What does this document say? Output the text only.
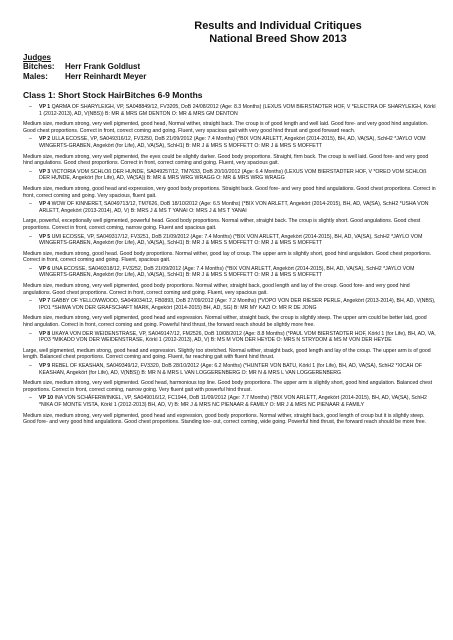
Results and Individual Critiques
National Breed Show 2013
Judges
Bitches:	Herr Frank Goldlust
Males:	Herr Reinhardt Meyer
Class 1: Short Stock HairBitches 6-9 Months
– VP 1 QARMA OF SHARYLEIGH, VP, SA048849/12, FV3205, DoB 24/08/2012 (Age: 8.3 Months) (LEXUS VOM BIERSTADTER HOF, V *ELECTRA OF SHARYLEIGH, Körkl 1 (2012-2013), AD, V(NBS)) B: MR & MRS GM DENTON O: MR & MRS GM DENTON
Medium size, medium strong, very well pigmented, good head, Normal wither, straight back. The croup is of good length and well laid. Good fore- and very good hind angulation. Good chest proportions. Correct in front, correct coming and going. Fluent, very spacious gait with very good hind thrust and good forward reach.
– VP 2 ULLA ECOSSE, VP, SA049316/12, FV3250, DoB 21/09/2012 (Age: 7.4 Months) (*BIX VON ARLETT, Angekört (2014-2015), BH, AD, VA(SA), SchH2 *JAYLO VOM WINGERTS-GRABEN, Angekört (for Life), AD, VA(SA), SchH1) B: MR J & MRS S MOFFETT O: MR J & MRS S MOFFETT
Medium size, medium strong, very well pigmented, the eyes could be slightly darker. Good body proportions. Straight, firm back. The croup is well laid. Good fore- and very good hind angulations. Good chest proportions. Correct in front, correct coming and going. Fluent, very spacious gait.
– VP 3 VICTORIA VOM SCHLOß DER HUNDE, SA049257/12, TM7633, DoB 20/10/2012 (Age: 6.4 Months) (LEXUS VOM BIERSTADTER HOF, V *OREO VOM SCHLOß DER HUNDE, Angekört (for Life), AD, VA(SA)) B: MR & MRS WRG WRAGG O: MR & MRS WRG WRAGG
Medium size, medium strong, good head and expression, very good body proportions. Straight back. Good fore- and very good hind angulations. Good chest proportions. Correct in front, correct coming and going. Very spacious, fluent gait.
– VP 4 WOW OF KINNERET, SA049713/12, TM7626, DoB 18/10/2012 (Age: 6.5 Months) (*BIX VON ARLETT, Angekört (2014-2015), BH, AD, VA(SA), SchH2 *USHA VON ARLETT, Angekört (2013-2014), AD, V) B: MRS J & MS T YANAI O: MRS J & MS T YANAI
Large, powerful, exceptionally well pigmented, powerful head. Good body proportions. Normal wither, straight back. The croup is slightly short. Good angulations. Good chest proportions. Correct in front, correct coming, narrow going. Fluent and spacious gait.
– VP 5 UMI ECOSSE, VP, SA049317/12, FV3251, DoB 21/09/2012 (Age: 7.4 Months) (*BIX VON ARLETT, Angekört (2014-2015), BH, AD, VA(SA), SchH2 *JAYLO VOM WINGERTS-GRABEN, Angekört (for Life), AD, VA(SA), SchH1) B: MR J & MRS S MOFFETT O: MR J & MRS S MOFFETT
Medium size, medium strong, good head. Good body proportions. Normal wither, good lay of croup. The upper arm is slightly short, good hind angulation. Good chest proportions. Correct in front, correct coming and going. Fluent, spacious gait.
– VP 6 UNA ECOSSE, SA049318/12, FV3252, DoB 21/09/2012 (Age: 7.4 Months) (*BIX VON ARLETT, Angekört (2014-2015), BH, AD, VA(SA), SchH2 *JAYLO VOM WINGERTS-GRABEN, Angekört (for Life), AD, VA(SA), SchH1) B: MR J & MRS S MOFFETT O: MR J & MRS S MOFFETT
Medium size, medium strong, very well pigmented, good body proportions. Normal wither, straight back, good length and lay of the croup. Good fore- and very good hind angulations. Good chest proportions. Correct in front, correct coming and going. Fluent, very spacious gait.
– VP 7 GABBY OF YELLOWWOOD, SA049034/12, FB0893, DoB 27/09/2012 (Age: 7.2 Months) (*VOPO VON DER RIESER PERLE, Angekört (2013-2014), BH, AD, V(NBS), IPO1 *SHIWA VON DER GRAFSCHAFT MARK, Angekört (2014-2015) BH, AD, SG) B: MR MY KAZI O: MR R DE JONG
Medium size, medium strong, very well pigmented, good head and expression. Normal wither, straight back, the croup is slightly steep. The upper arm could be better laid, good hind angulation. Correct in front, correct coming and going. Powerful hind thrust, the forward reach should be slightly more free.
– VP 8 UKAYA VON DER WEIDENSTRASE, VP, SA049147/12, FM2526, DoB 10/08/2012 (Age: 8.8 Months) (*PAUL VOM BIERSTADTER HOF, Körkl 1 (for Life), BH, AD, VA, IPO3 *MIKADO VON DER WEIDENSTRASE, Körkl 1 (2012-2013), AD, V) B: MS M VON DER HEYDE O: MRS N STRYDOM & MS M VON DER HEYDE
Large, well pigmented, medium strong, good head and expression. Slightly too stretched. Normal wither, straight back, good length and lay of the croup. The upper arm is of good length. Balanced chest proportions. Correct coming and going. Fluent, far reaching gait with fluent hind thrust.
– VP 9 REBEL OF KEASHAN, SA049349/12, FV3320, DoB 28/10/2012 (Age: 6.2 Months) (*HUNTER VON BATU, Körkl 1 (for Life), BH, AD, VA(SA), SchH2 *XICAH OF KEASHAN, Angekört (for Life), AD, V(NBS)) B: MR N & MRS L VAN LOGGERENBERG O: MR N & MRS L VAN LOGGERENBERG
Medium size, medium strong, very well pigmented. Good head, harmonious top line. Good body proportions. The upper arm is slightly short, good hind angulation. Balanced chest proportions. Correct in front, correct coming, narrow going. Very fluent gait with powerful hind thrust.
– VP 10 INA VON SCHÄFERWINKEL, VP, SA049016/12, FC1944, DoB 11/09/2012 (Age: 7.7 Months) (*BIX VON ARLETT, Angekört (2014-2015), BH, AD, VA(SA), SchH2 *NIKA OF MONTE VISTA, Körkl 1 (2012-2013) BH, AD, V) B: MR J & MRS NC PIENAAR & FAMILY O: MR J & MRS NC PIENAAR & FAMILY
Medium size, medium strong, very well pigmented, good head and expression, good body proportions. Normal wither, straight back, good length of croup but it is slightly steep. Good fore- and very good hind angulations. Good chest proportions. Standing toe- out, correct coming, wide going. Powerful hind thrust, the forward reach should be more free.
